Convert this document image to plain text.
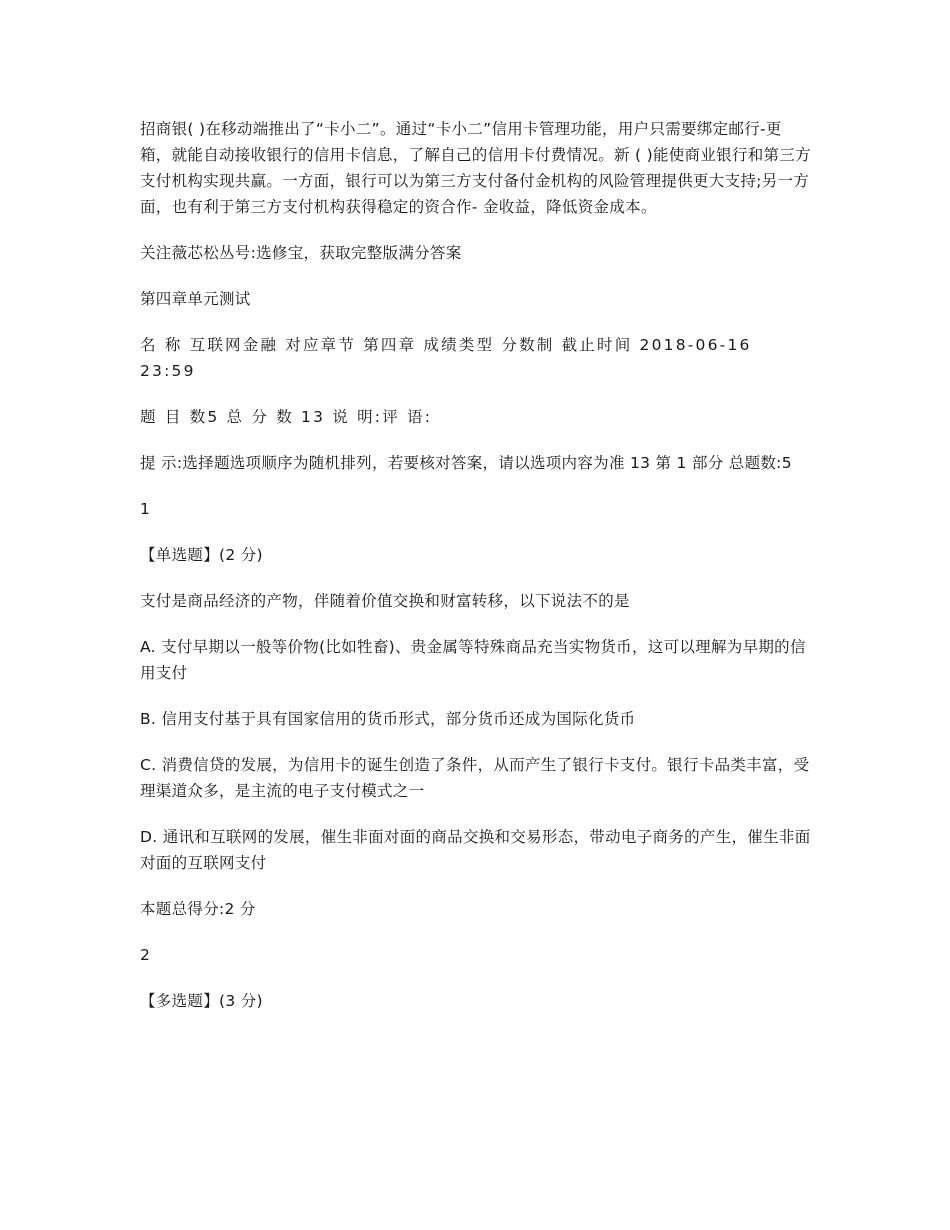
招商银( )在移动端推出了“卡小二”。通过“卡小二”信用卡管理功能，用户只需要绑定邮行-更箱，就能自动接收银行的信用卡信息，了解自己的信用卡付费情况。新 ( )能使商业银行和第三方支付机构实现共赢。一方面，银行可以为第三方支付备付金机构的风险管理提供更大支持;另一方面，也有利于第三方支付机构获得稳定的资合作- 金收益，降低资金成本。

关注薇芯松丛号:选修宝，获取完整版满分答案

第四章单元测试

名 称 互联网金融 对应章节 第四章 成绩类型 分数制 截止时间 2018-06-16 23:59

题 目 数5 总 分 数 13 说 明:评 语:

提 示:选择题选项顺序为随机排列，若要核对答案，请以选项内容为准 13 第 1 部分 总题数:5

1

【单选题】(2 分)

支付是商品经济的产物，伴随着价值交换和财富转移，以下说法不的是

A. 支付早期以一般等价物(比如牲畜)、贵金属等特殊商品充当实物货币，这可以理解为早期的信用支付

B. 信用支付基于具有国家信用的货币形式，部分货币还成为国际化货币

C. 消费信贷的发展，为信用卡的诞生创造了条件，从而产生了银行卡支付。银行卡品类丰富，受理渠道众多，是主流的电子支付模式之一

D. 通讯和互联网的发展，催生非面对面的商品交换和交易形态，带动电子商务的产生，催生非面对面的互联网支付

本题总得分:2 分

2

【多选题】(3 分)
